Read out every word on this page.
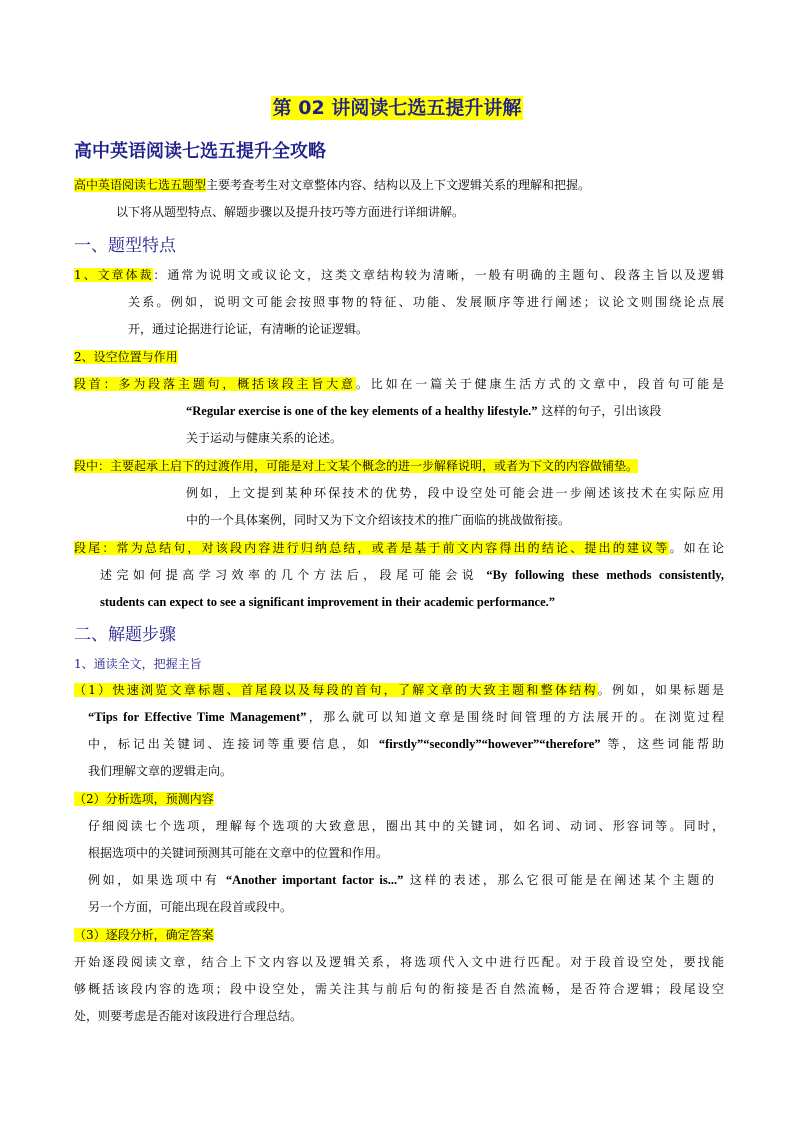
第 02 讲阅读七选五提升讲解
高中英语阅读七选五提升全攻略
高中英语阅读七选五题型主要考查考生对文章整体内容、结构以及上下文逻辑关系的理解和把握。
以下将从题型特点、解题步骤以及提升技巧等方面进行详细讲解。
一、题型特点
1、文章体裁：通常为说明文或议论文，这类文章结构较为清晰，一般有明确的主题句、段落主旨以及逻辑
关系。例如，说明文可能会按照事物的特征、功能、发展顺序等进行阐述；议论文则围绕论点展
开，通过论据进行论证，有清晰的论证逻辑。
2、设空位置与作用
段首：多为段落主题句，概括该段主旨大意。比如在一篇关于健康生活方式的文章中，段首句可能是
“Regular exercise is one of the key elements of a healthy lifestyle.” 这样的句子，引出该段
关于运动与健康关系的论述。
段中：主要起承上启下的过渡作用，可能是对上文某个概念的进一步解释说明，或者为下文的内容做铺垫。
例如，上文提到某种环保技术的优势，段中设空处可能会进一步阐述该技术在实际应用
中的一个具体案例，同时又为下文介绍该技术的推广面临的挑战做衔接。
段尾：常为总结句，对该段内容进行归纳总结，或者是基于前文内容得出的结论、提出的建议等。如在论
述完如何提高学习效率的几个方法后，段尾可能会说 “By following these methods consistently,
students can expect to see a significant improvement in their academic performance.”
二、解题步骤
1、通读全文，把握主旨
（1）快速浏览文章标题、首尾段以及每段的首句，了解文章的大致主题和整体结构。例如，如果标题是
“Tips for Effective Time Management”，那么就可以知道文章是围绕时间管理的方法展开的。在浏览过程
中，标记出关键词、连接词等重要信息，如 “firstly”“secondly”“however”“therefore” 等，这些词能帮助
我们理解文章的逻辑走向。
（2）分析选项，预测内容
仔细阅读七个选项，理解每个选项的大致意思，圈出其中的关键词，如名词、动词、形容词等。同时，
根据选项中的关键词预测其可能在文章中的位置和作用。
例如，如果选项中有 “Another important factor is...” 这样的表述，那么它很可能是在阐述某个主题的
另一个方面，可能出现在段首或段中。
（3）逐段分析，确定答案
开始逐段阅读文章，结合上下文内容以及逻辑关系，将选项代入文中进行匹配。对于段首设空处，要找能
够概括该段内容的选项；段中设空处，需关注其与前后句的衔接是否自然流畅，是否符合逻辑；段尾设空
处，则要考虑是否能对该段进行合理总结。
